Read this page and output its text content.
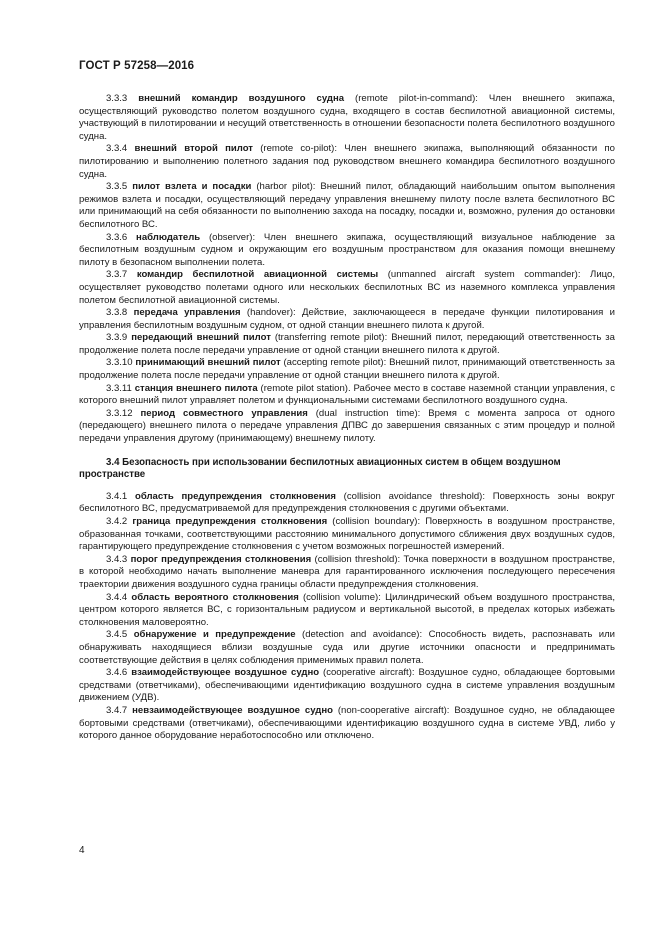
ГОСТ Р 57258—2016

3.3.3 внешний командир воздушного судна (remote pilot-in-command): Член внешнего экипажа, осуществляющий руководство полетом воздушного судна, входящего в состав беспилотной авиационной системы, участвующий в пилотировании и несущий ответственность в отношении безопасности полета беспилотного воздушного судна.

3.3.4 внешний второй пилот (remote co-pilot): Член внешнего экипажа, выполняющий обязанности по пилотированию и выполнению полетного задания под руководством внешнего командира беспилотного воздушного судна.

3.3.5 пилот взлета и посадки (harbor pilot): Внешний пилот, обладающий наибольшим опытом выполнения режимов взлета и посадки, осуществляющий передачу управления внешнему пилоту после взлета беспилотного ВС или принимающий на себя обязанности по выполнению захода на посадку, посадки и, возможно, руления до остановки беспилотного ВС.

3.3.6 наблюдатель (observer): Член внешнего экипажа, осуществляющий визуальное наблюдение за беспилотным воздушным судном и окружающим его воздушным пространством для оказания помощи внешнему пилоту в безопасном выполнении полета.

3.3.7 командир беспилотной авиационной системы (unmanned aircraft system commander): Лицо, осуществляет руководство полетами одного или нескольких беспилотных ВС из наземного комплекса управления полетом беспилотной авиационной системы.

3.3.8 передача управления (handover): Действие, заключающееся в передаче функции пилотирования и управления беспилотным воздушным судном, от одной станции внешнего пилота к другой.

3.3.9 передающий внешний пилот (transferring remote pilot): Внешний пилот, передающий ответственность за продолжение полета после передачи управление от одной станции внешнего пилота к другой.

3.3.10 принимающий внешний пилот (accepting remote pilot): Внешний пилот, принимающий ответственность за продолжение полета после передачи управление от одной станции внешнего пилота к другой.

3.3.11 станция внешнего пилота (remote pilot station). Рабочее место в составе наземной станции управления, с которого внешний пилот управляет полетом и функциональными системами беспилотного воздушного судна.

3.3.12 период совместного управления (dual instruction time): Время с момента запроса от одного (передающего) внешнего пилота о передаче управления ДПВС до завершения связанных с этим процедур и полной передачи управления другому (принимающему) внешнему пилоту.

3.4 Безопасность при использовании беспилотных авиационных систем в общем воздушном пространстве

3.4.1 область предупреждения столкновения (collision avoidance threshold): Поверхность зоны вокруг беспилотного ВС, предусматриваемой для предупреждения столкновения с другими объектами.

3.4.2 граница предупреждения столкновения (collision boundary): Поверхность в воздушном пространстве, образованная точками, соответствующими расстоянию минимального допустимого сближения двух воздушных судов, гарантирующего предупреждение столкновения с учетом возможных погрешностей измерений.

3.4.3 порог предупреждения столкновения (collision threshold): Точка поверхности в воздушном пространстве, в которой необходимо начать выполнение маневра для гарантированного исключения последующего пересечения траектории движения воздушного судна границы области предупреждения столкновения.

3.4.4 область вероятного столкновения (collision volume): Цилиндрический объем воздушного пространства, центром которого является ВС, с горизонтальным радиусом и вертикальной высотой, в пределах которых избежать столкновения маловероятно.

3.4.5 обнаружение и предупреждение (detection and avoidance): Способность видеть, распознавать или обнаруживать находящиеся вблизи воздушные суда или другие источники опасности и предпринимать соответствующие действия в целях соблюдения применимых правил полета.

3.4.6 взаимодействующее воздушное судно (cooperative aircraft): Воздушное судно, обладающее бортовыми средствами (ответчиками), обеспечивающими идентификацию воздушного судна в системе управления воздушным движением (УДВ).

3.4.7 невзаимодействующее воздушное судно (non-cooperative aircraft): Воздушное судно, не обладающее бортовыми средствами (ответчиками), обеспечивающими идентификацию воздушного судна в системе УВД, либо у которого данное оборудование неработоспособно или отключено.

4
